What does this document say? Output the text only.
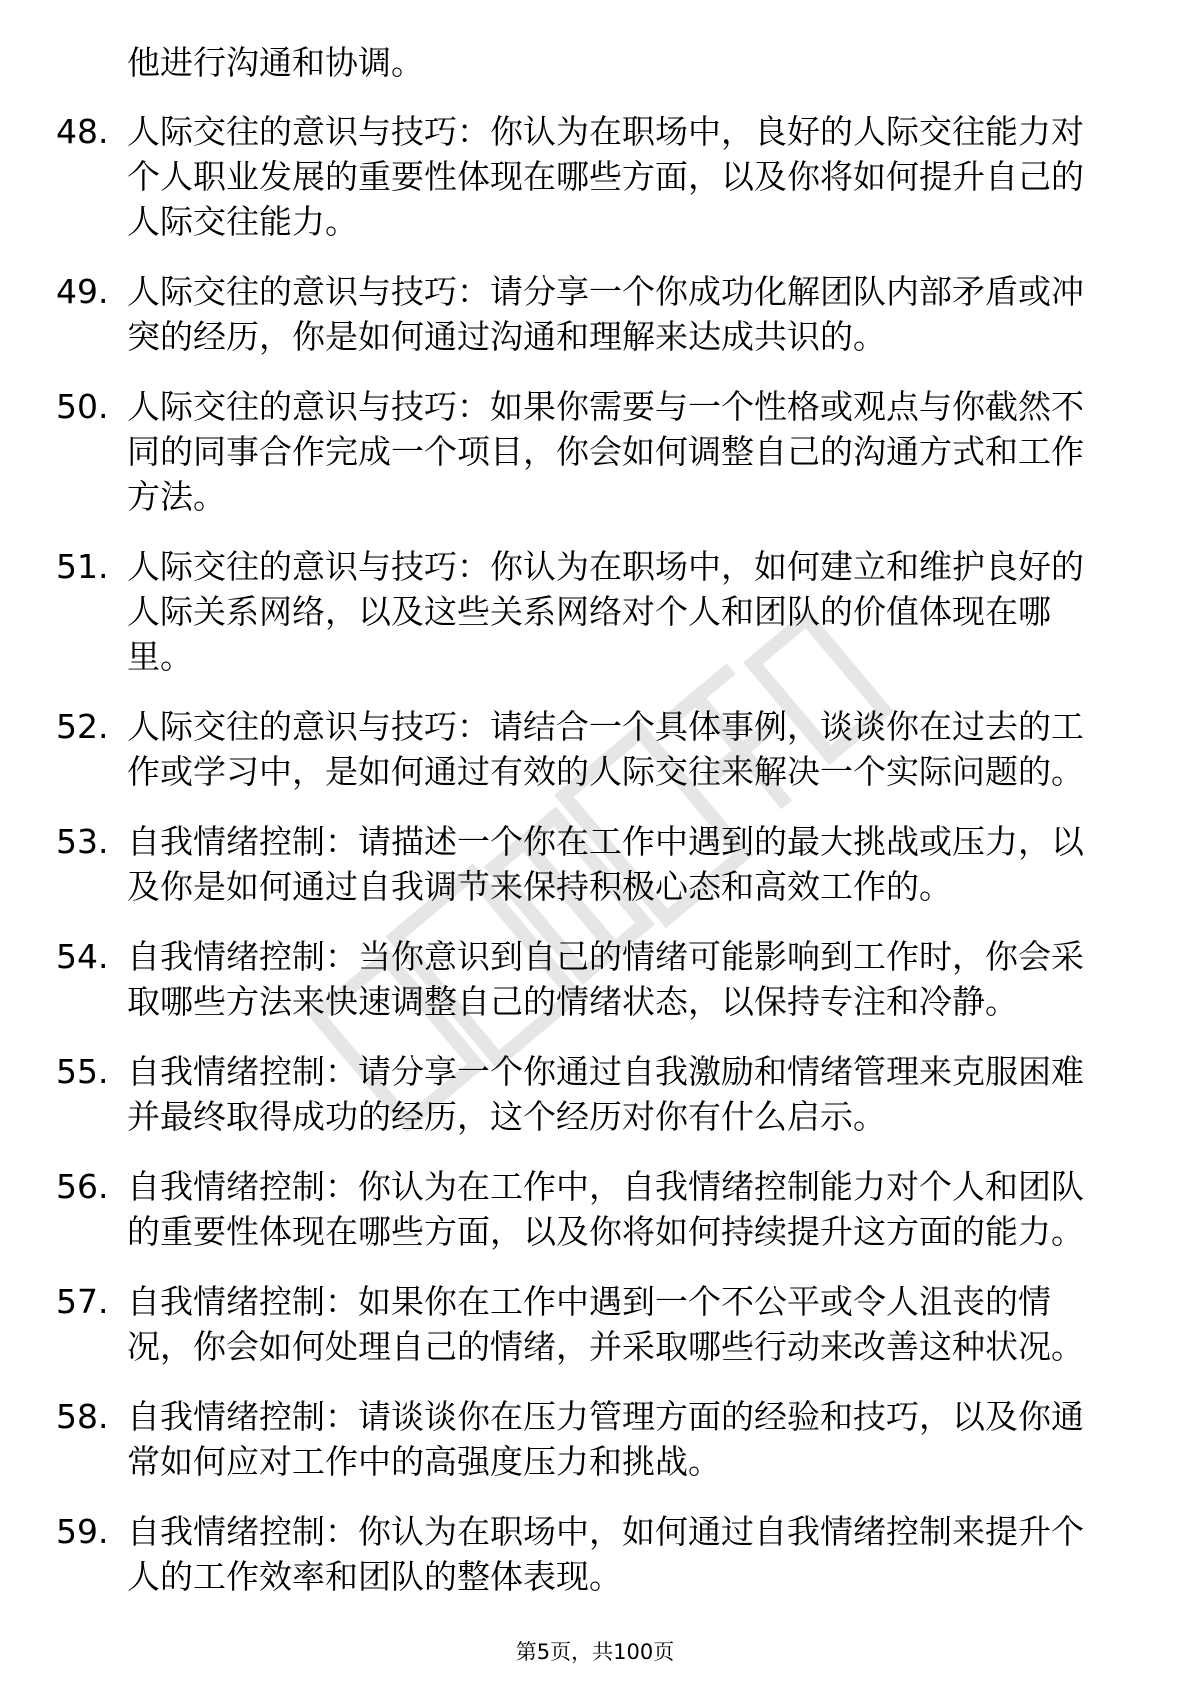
他进行沟通和协调。

48. 人际交往的意识与技巧：你认为在职场中，良好的人际交往能力对个人职业发展的重要性体现在哪些方面，以及你将如何提升自己的人际交往能力。
49. 人际交往的意识与技巧：请分享一个你成功化解团队内部矛盾或冲突的经历，你是如何通过沟通和理解来达成共识的。
50. 人际交往的意识与技巧：如果你需要与一个性格或观点与你截然不同的同事合作完成一个项目，你会如何调整自己的沟通方式和工作方法。
51. 人际交往的意识与技巧：你认为在职场中，如何建立和维护良好的人际关系网络，以及这些关系网络对个人和团队的价值体现在哪里。
52. 人际交往的意识与技巧：请结合一个具体事例，谈谈你在过去的工作或学习中，是如何通过有效的人际交往来解决一个实际问题的。
53. 自我情绪控制：请描述一个你在工作中遇到的最大挑战或压力，以及你是如何通过自我调节来保持积极心态和高效工作的。
54. 自我情绪控制：当你意识到自己的情绪可能影响到工作时，你会采取哪些方法来快速调整自己的情绪状态，以保持专注和冷静。
55. 自我情绪控制：请分享一个你通过自我激励和情绪管理来克服困难并最终取得成功的经历，这个经历对你有什么启示。
56. 自我情绪控制：你认为在工作中，自我情绪控制能力对个人和团队的重要性体现在哪些方面，以及你将如何持续提升这方面的能力。
57. 自我情绪控制：如果你在工作中遇到一个不公平或令人沮丧的情况，你会如何处理自己的情绪，并采取哪些行动来改善这种状况。
58. 自我情绪控制：请谈谈你在压力管理方面的经验和技巧，以及你通常如何应对工作中的高强度压力和挑战。
59. 自我情绪控制：你认为在职场中，如何通过自我情绪控制来提升个人的工作效率和团队的整体表现。
第5页，共100页
